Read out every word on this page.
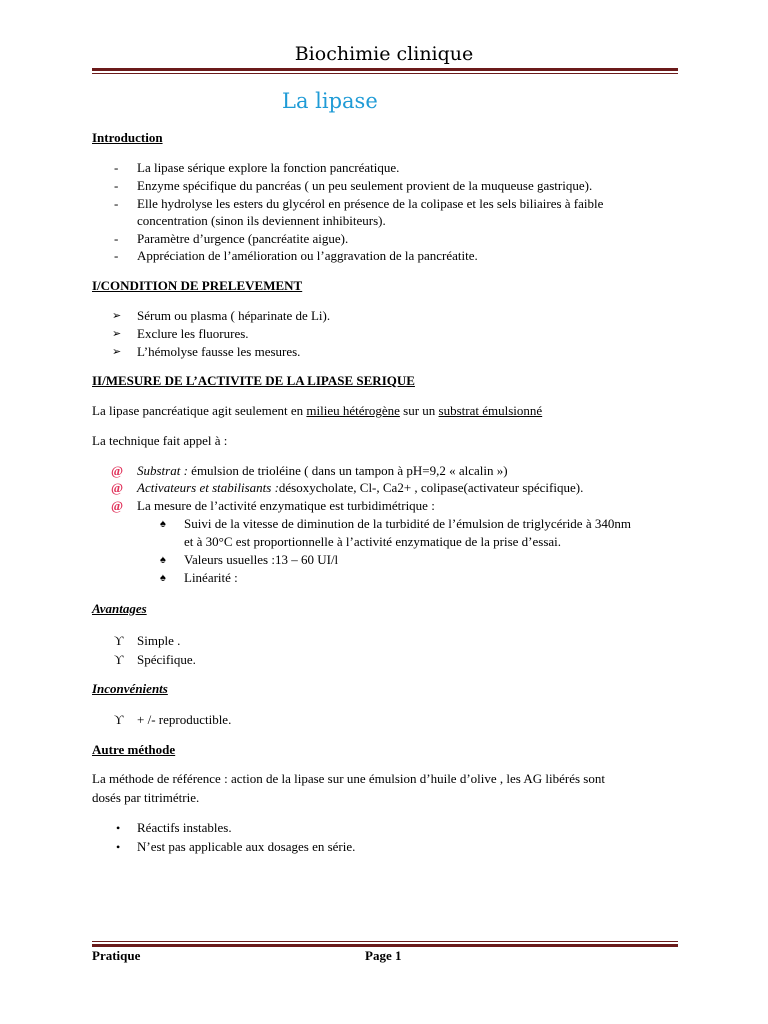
Biochimie clinique
La lipase
Introduction
- La lipase sérique explore la fonction pancréatique.
- Enzyme spécifique du pancréas ( un peu seulement provient de la muqueuse gastrique).
- Elle hydrolyse les esters du glycérol en présence de la colipase et les sels biliaires à faible
concentration (sinon ils deviennent inhibiteurs).
- Paramètre d’urgence (pancréatite aigue).
- Appréciation de l’amélioration ou l’aggravation de la pancréatite.
I/CONDITION DE PRELEVEMENT
➢ Sérum ou plasma ( héparinate de Li).
➢ Exclure les fluorures.
➢ L’hémolyse fausse les mesures.
II/MESURE DE L’ACTIVITE DE LA LIPASE SERIQUE
La lipase pancréatique agit seulement en milieu hétérogène sur un substrat émulsionné
La technique fait appel à :
@ Substrat : émulsion de trioléine ( dans un tampon à pH=9,2 « alcalin »)
@ Activateurs et stabilisants :désoxycholate, Cl-, Ca2+ , colipase(activateur spécifique).
@ La mesure de l’activité enzymatique est turbidimétrique :
♠ Suivi de la vitesse de diminution de la turbidité de l’émulsion de triglycéride à 340nm
et à 30°C est proportionnelle à l’activité enzymatique de la prise d’essai.
♠ Valeurs usuelles :13 – 60 UI/l
♠ Linéarité :
Avantages
ϒ Simple .
ϒ Spécifique.
Inconvénients
ϒ + /- reproductible.
Autre méthode
La méthode de référence : action de la lipase sur une émulsion d’huile d’olive , les AG libérés sont
dosés par titrimétrie.
• Réactifs instables.
• N’est pas applicable aux dosages en série.
Pratique	Page 1
